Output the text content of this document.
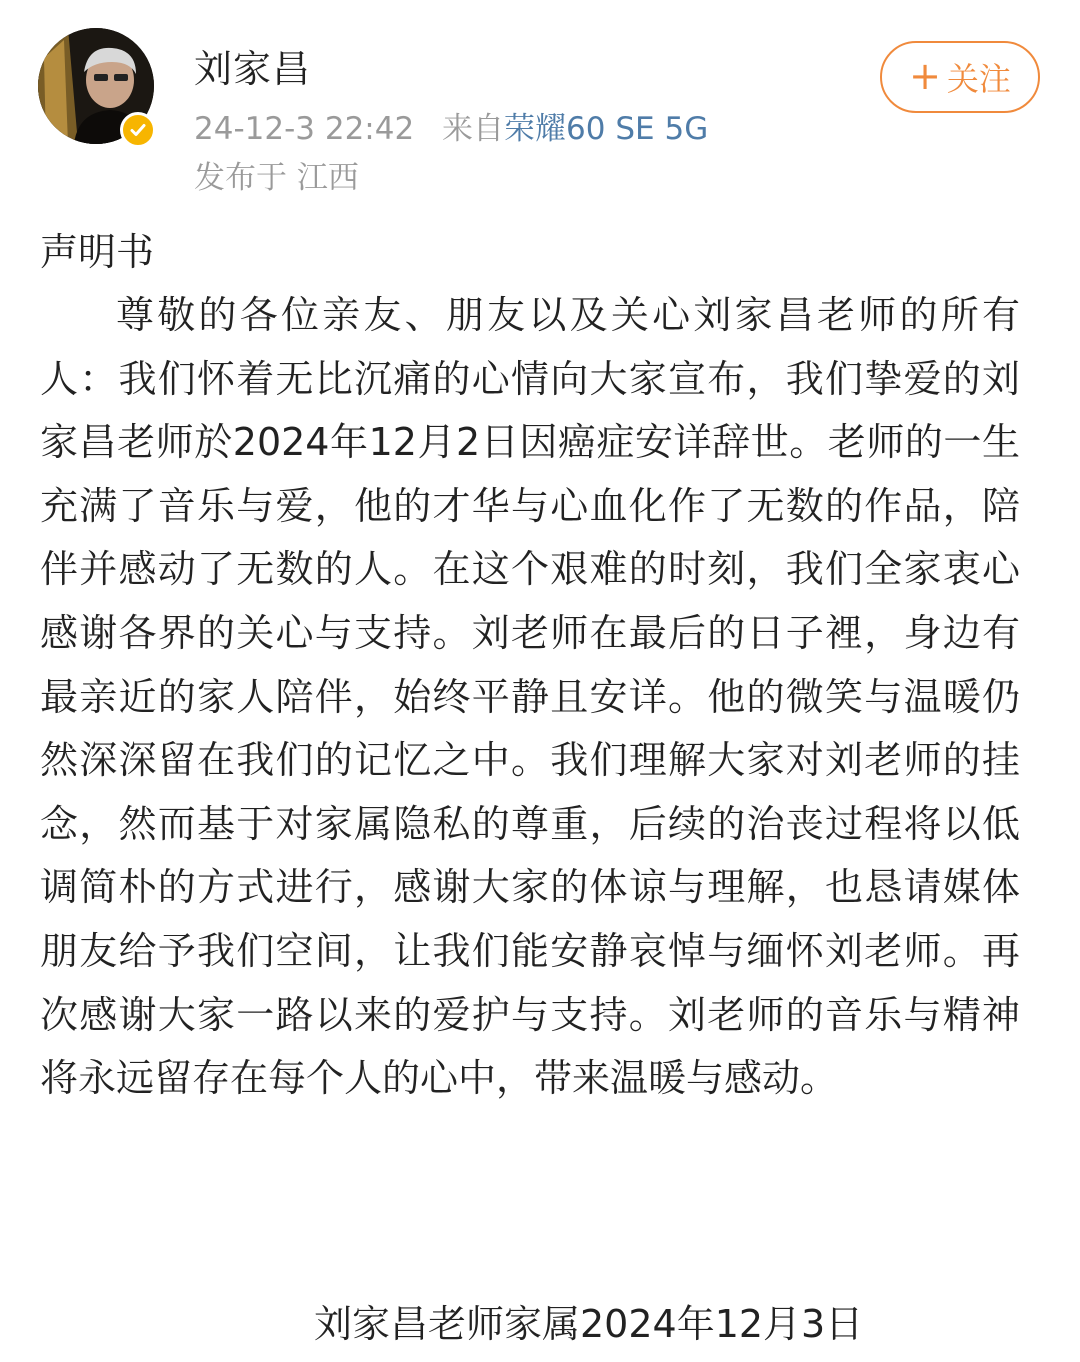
刘家昌
24-12-3 22:42 来自荣耀60 SE 5G
发布于 江西
+ 关注
声明书
尊敬的各位亲友、朋友以及关心刘家昌老师的所有人：我们怀着无比沉痛的心情向大家宣布，我们挚爱的刘家昌老师於2024年12月2日因癌症安详辞世。老师的一生充满了音乐与爱，他的才华与心血化作了无数的作品，陪伴并感动了无数的人。在这个艰难的时刻，我们全家衷心感谢各界的关心与支持。刘老师在最后的日子裡，身边有最亲近的家人陪伴，始终平静且安详。他的微笑与温暖仍然深深留在我们的记忆之中。我们理解大家对刘老师的挂念，然而基于对家属隐私的尊重，后续的治丧过程将以低调简朴的方式进行，感谢大家的体谅与理解，也恳请媒体朋友给予我们空间，让我们能安静哀悼与缅怀刘老师。再次感谢大家一路以来的爱护与支持。刘老师的音乐与精神将永远留存在每个人的心中，带来温暖与感动。
刘家昌老师家属2024年12月3日
